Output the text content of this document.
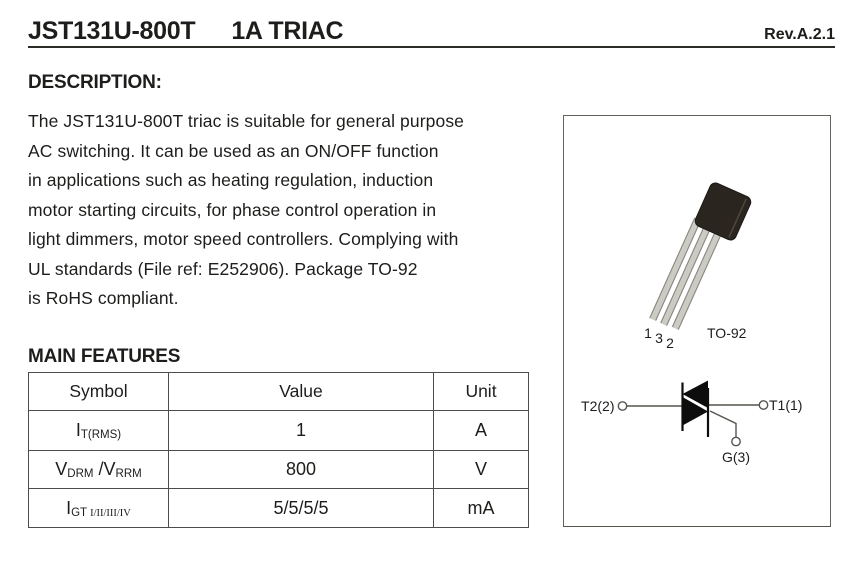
JST131U-800T 1A TRIAC	Rev.A.2.1
DESCRIPTION:
The JST131U-800T triac is suitable for general purpose
AC switching. It can be used as an ON/OFF function
in applications such as heating regulation, induction
motor starting circuits, for phase control operation in
light dimmers, motor speed controllers. Complying with
UL standards (File ref: E252906). Package TO-92
is RoHS compliant.
MAIN FEATURES
Symbol	Value	Unit
$I_{T(RMS)}$	1	A
$V_{DRM}$ $/V_{RRM}$	800	V
$I_{GT I/II/III/IV}$	5/5/5/5	mA
1 3 2
TO-92
T2(2)	T1(1)
G(3)
